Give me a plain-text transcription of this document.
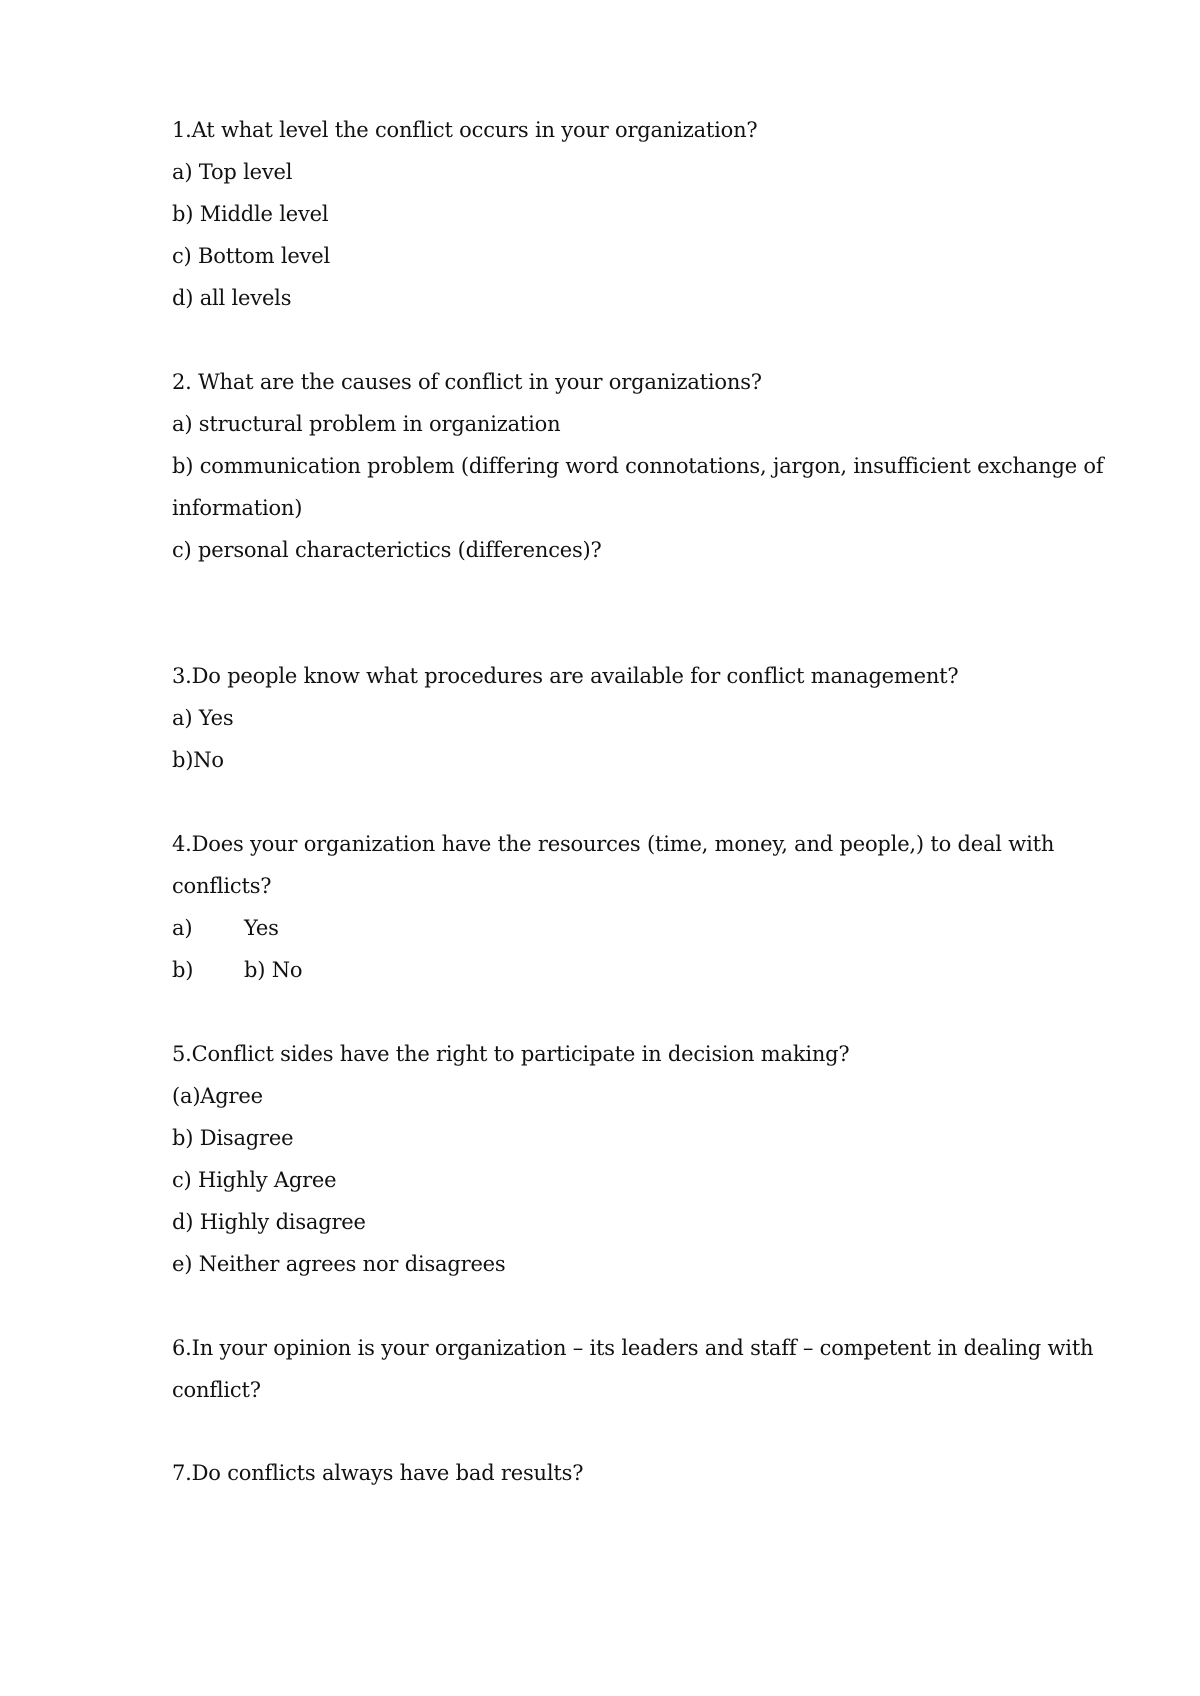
1.At what level the conflict occurs in your organization?
a) Top level
b) Middle level
c) Bottom level
d) all levels
2. What are the causes of conflict in your organizations?
a) structural problem in organization
b) communication problem (differing word connotations, jargon, insufficient exchange of
information)
c) personal characterictics (differences)?
3.Do people know what procedures are available for conflict management?
a) Yes
b)No
4.Does your organization have the resources (time, money, and people,) to deal with
conflicts?
a) Yes
b) b) No
5.Conflict sides have the right to participate in decision making?
(a)Agree
b) Disagree
c) Highly Agree
d) Highly disagree
e) Neither agrees nor disagrees
6.In your opinion is your organization – its leaders and staff – competent in dealing with
conflict?
7.Do conflicts always have bad results?
